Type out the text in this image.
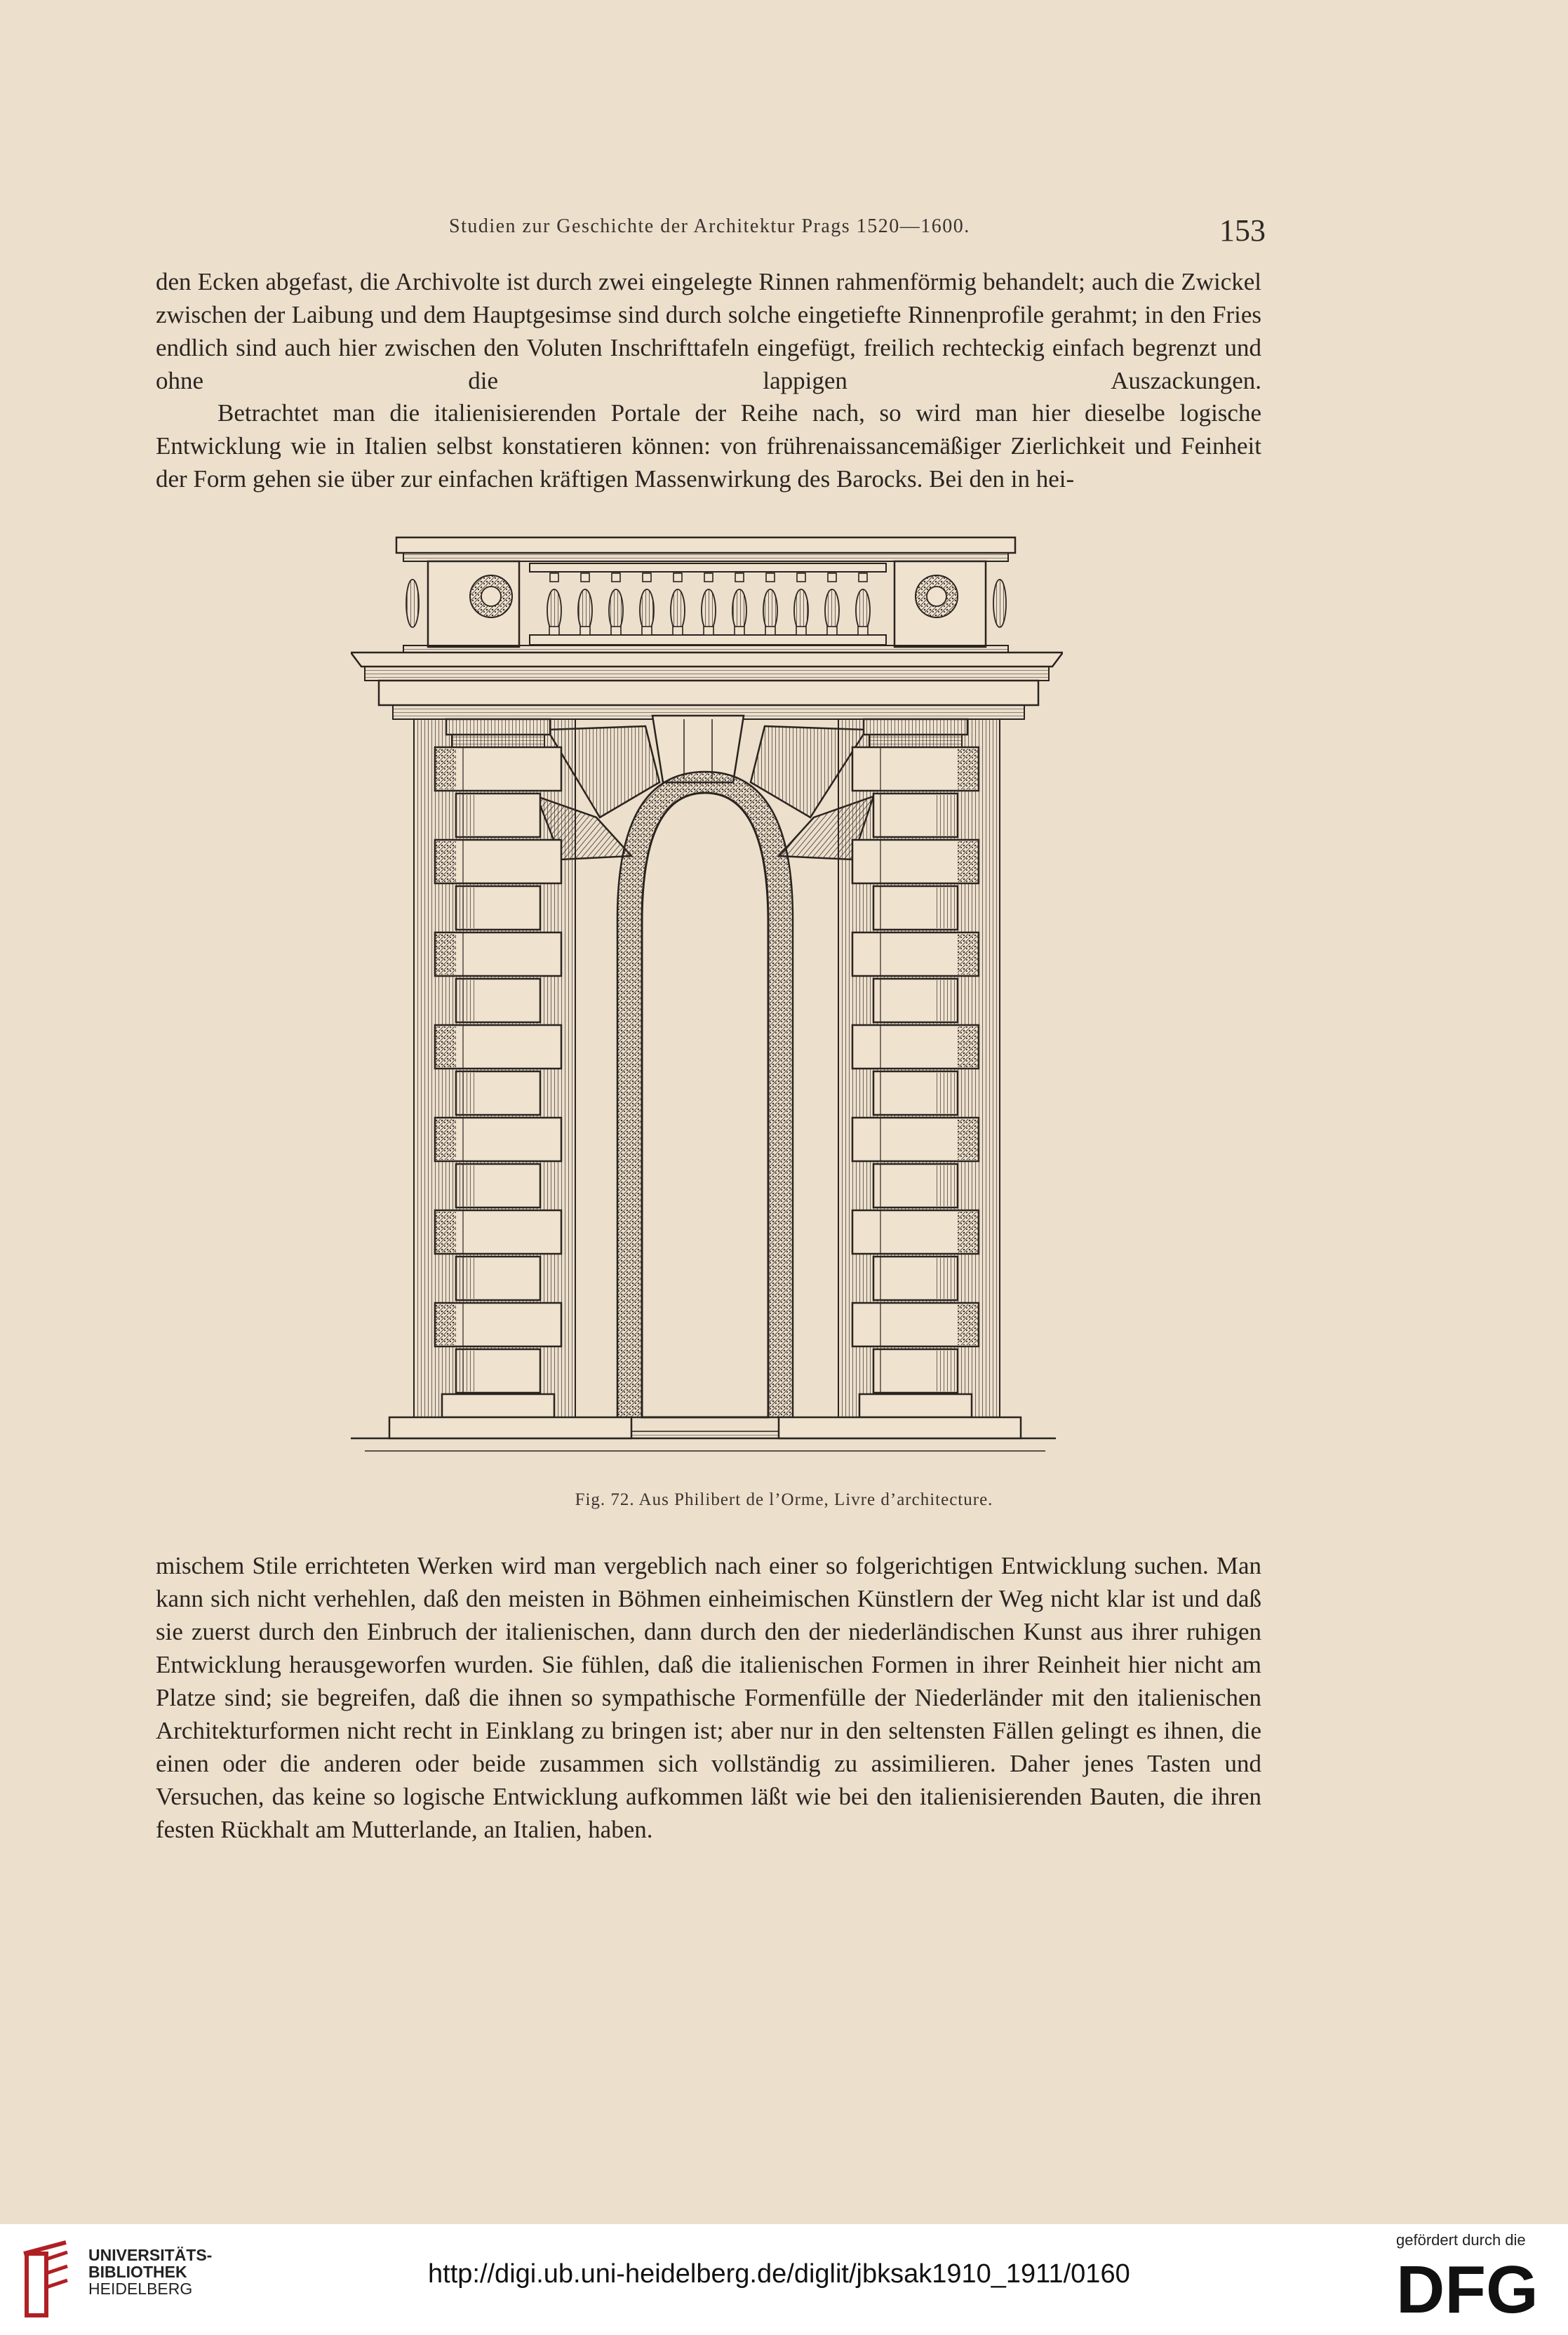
Studien zur Geschichte der Architektur Prags 1520—1600.	153

den Ecken abgefast, die Archivolte ist durch zwei eingelegte Rinnen rahmenförmig behandelt; auch die Zwickel zwischen der Laibung und dem Hauptgesimse sind durch solche eingetiefte Rinnenprofile gerahmt; in den Fries endlich sind auch hier zwischen den Voluten Inschrifttafeln eingefügt, freilich rechteckig einfach begrenzt und ohne die lappigen Auszackungen.

Betrachtet man die italienisierenden Portale der Reihe nach, so wird man hier dieselbe logische Entwicklung wie in Italien selbst konstatieren können: von frührenaissancemäßiger Zierlichkeit und Feinheit der Form gehen sie über zur einfachen kräftigen Massenwirkung des Barocks. Bei den in hei-

Fig. 72. Aus Philibert de l’Orme, Livre d’architecture.

mischem Stile errichteten Werken wird man vergeblich nach einer so folgerichtigen Entwicklung suchen. Man kann sich nicht verhehlen, daß den meisten in Böhmen einheimischen Künstlern der Weg nicht klar ist und daß sie zuerst durch den Einbruch der italienischen, dann durch den der niederländischen Kunst aus ihrer ruhigen Entwicklung herausgeworfen wurden. Sie fühlen, daß die italienischen Formen in ihrer Reinheit hier nicht am Platze sind; sie begreifen, daß die ihnen so sympathische Formenfülle der Niederländer mit den italienischen Architekturformen nicht recht in Einklang zu bringen ist; aber nur in den seltensten Fällen gelingt es ihnen, die einen oder die anderen oder beide zusammen sich vollständig zu assimilieren. Daher jenes Tasten und Versuchen, das keine so logische Entwicklung aufkommen läßt wie bei den italienisierenden Bauten, die ihren festen Rückhalt am Mutterlande, an Italien, haben.

UNIVERSITÄTS-
BIBLIOTHEK
HEIDELBERG	http://digi.ub.uni-heidelberg.de/diglit/jbksak1910_1911/0160
gefördert durch die
DFG
